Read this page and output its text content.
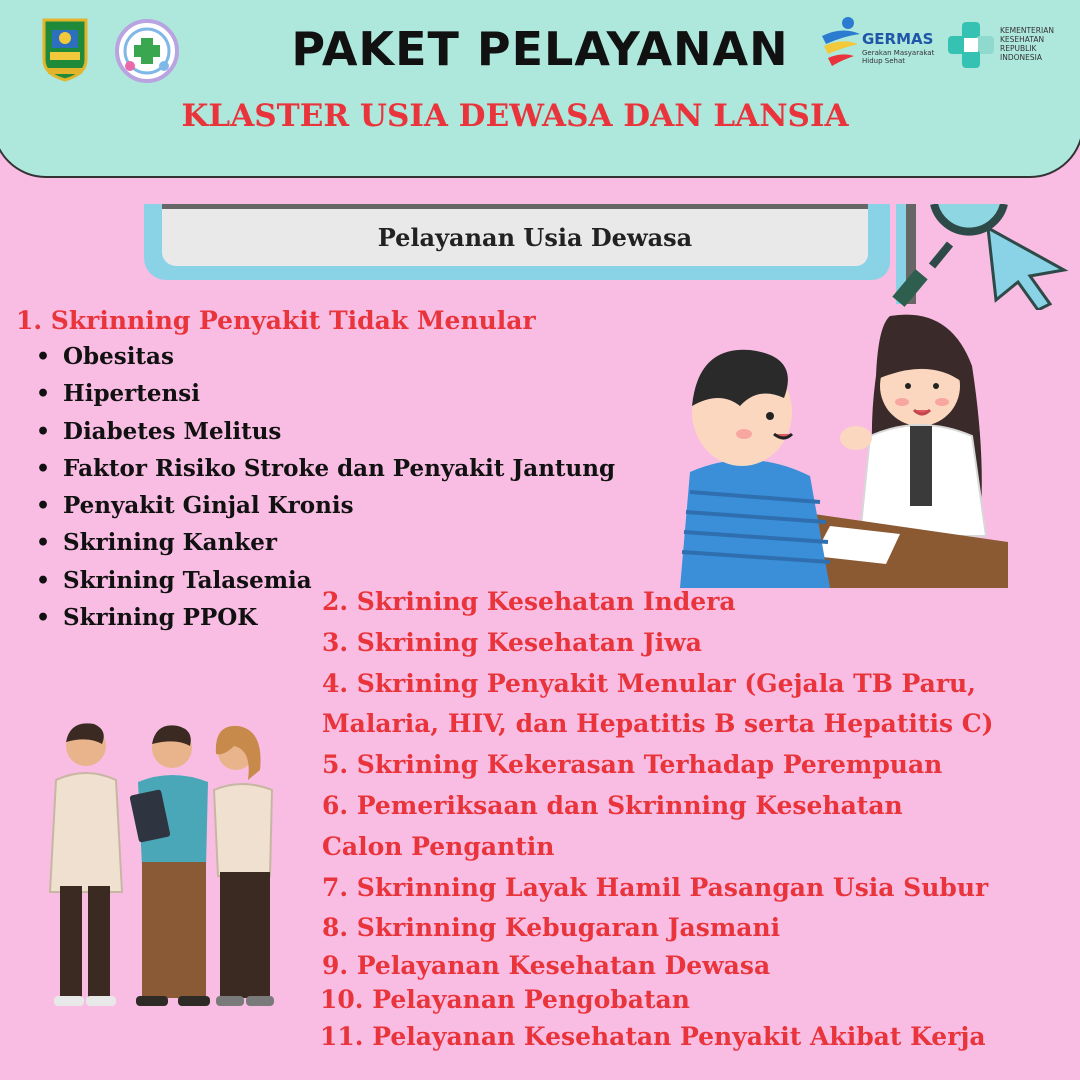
PAKET PELAYANAN
KLASTER USIA DEWASA DAN LANSIA
GERMAS
Gerakan Masyarakat Hidup Sehat
KEMENTERIAN KESEHATAN REPUBLIK INDONESIA
Pelayanan Usia Dewasa
1. Skrinning Penyakit Tidak Menular
• Obesitas
• Hipertensi
• Diabetes Melitus
• Faktor Risiko Stroke dan Penyakit Jantung
• Penyakit Ginjal Kronis
• Skrining Kanker
• Skrining Talasemia
• Skrining PPOK
2. Skrining Kesehatan Indera
3. Skrining Kesehatan Jiwa
4. Skrining Penyakit Menular (Gejala TB Paru, Malaria, HIV, dan Hepatitis B serta Hepatitis C)
5. Skrining Kekerasan Terhadap Perempuan
6. Pemeriksaan dan Skrinning Kesehatan Calon Pengantin
7. Skrinning Layak Hamil Pasangan Usia Subur
8. Skrinning Kebugaran Jasmani
9. Pelayanan Kesehatan Dewasa
10. Pelayanan Pengobatan
11. Pelayanan Kesehatan Penyakit Akibat Kerja
